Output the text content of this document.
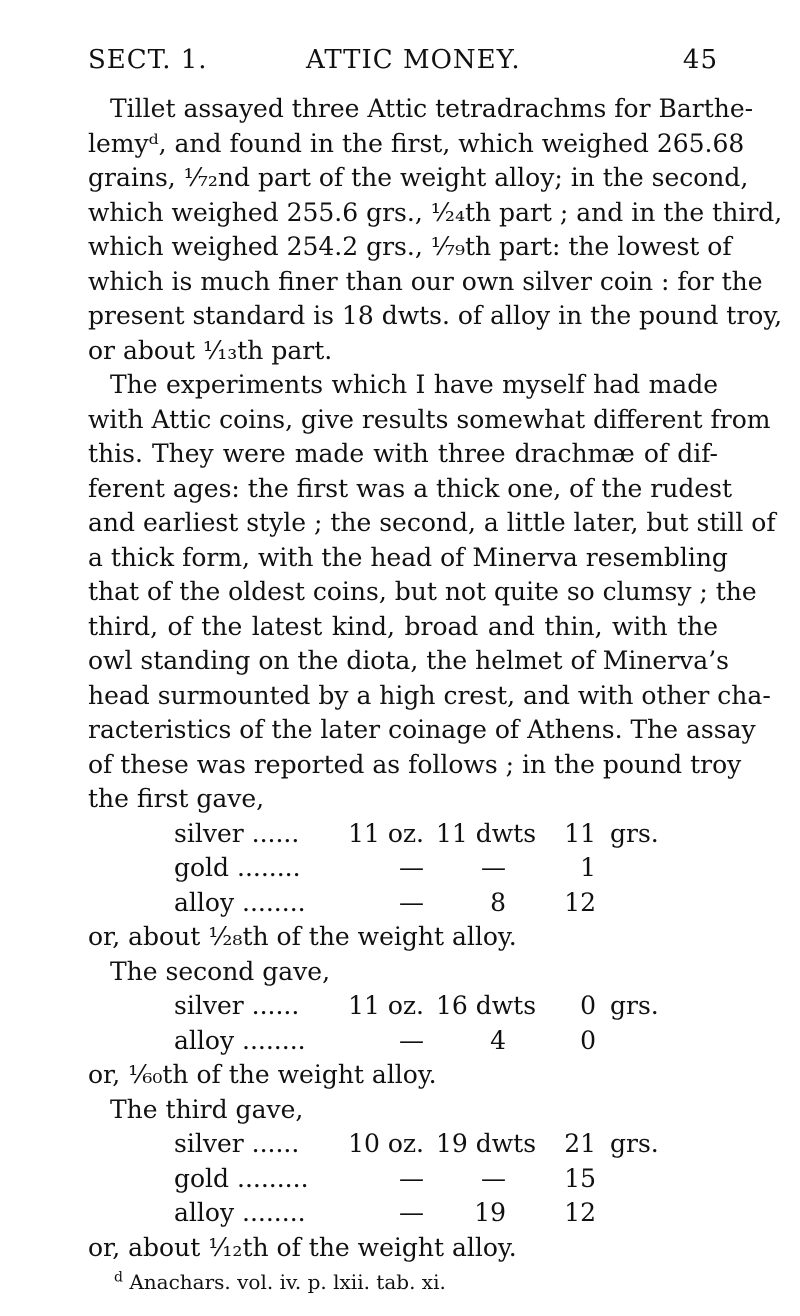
SECT. 1.	ATTIC MONEY.	45
Tillet assayed three Attic tetradrachms for Barthe-
lemyᵈ, and found in the first, which weighed 265.68
grains, ¹⁄₇₂nd part of the weight alloy; in the second,
which weighed 255.6 grs., ¹⁄₂₄th part ; and in the third,
which weighed 254.2 grs., ¹⁄₇₉th part: the lowest of
which is much finer than our own silver coin : for the
present standard is 18 dwts. of alloy in the pound troy,
or about ¹⁄₁₃th part.
The experiments which I have myself had made
with Attic coins, give results somewhat different from
this. They were made with three drachmæ of dif-
ferent ages: the first was a thick one, of the rudest
and earliest style ; the second, a little later, but still of
a thick form, with the head of Minerva resembling
that of the oldest coins, but not quite so clumsy ; the
third, of the latest kind, broad and thin, with the
owl standing on the diota, the helmet of Minerva’s
head surmounted by a high crest, and with other cha-
racteristics of the later coinage of Athens. The assay
of these was reported as follows ; in the pound troy
the first gave,
silver ......	11 oz. 11 dwts	11 grs.
gold ........	—	—	1
alloy ........	—	8	12
or, about ¹⁄₂₈th of the weight alloy.
The second gave,
silver ......	11 oz. 16 dwts	0 grs.
alloy ........	—	4	0
or, ¹⁄₆₀th of the weight alloy.
The third gave,
silver ......	10 oz. 19 dwts	21 grs.
gold .........	—	—	15
alloy ........	—	19	12
or, about ¹⁄₁₂th of the weight alloy.
$^d$ Anachars. vol. iv. p. lxii. tab. xi.
